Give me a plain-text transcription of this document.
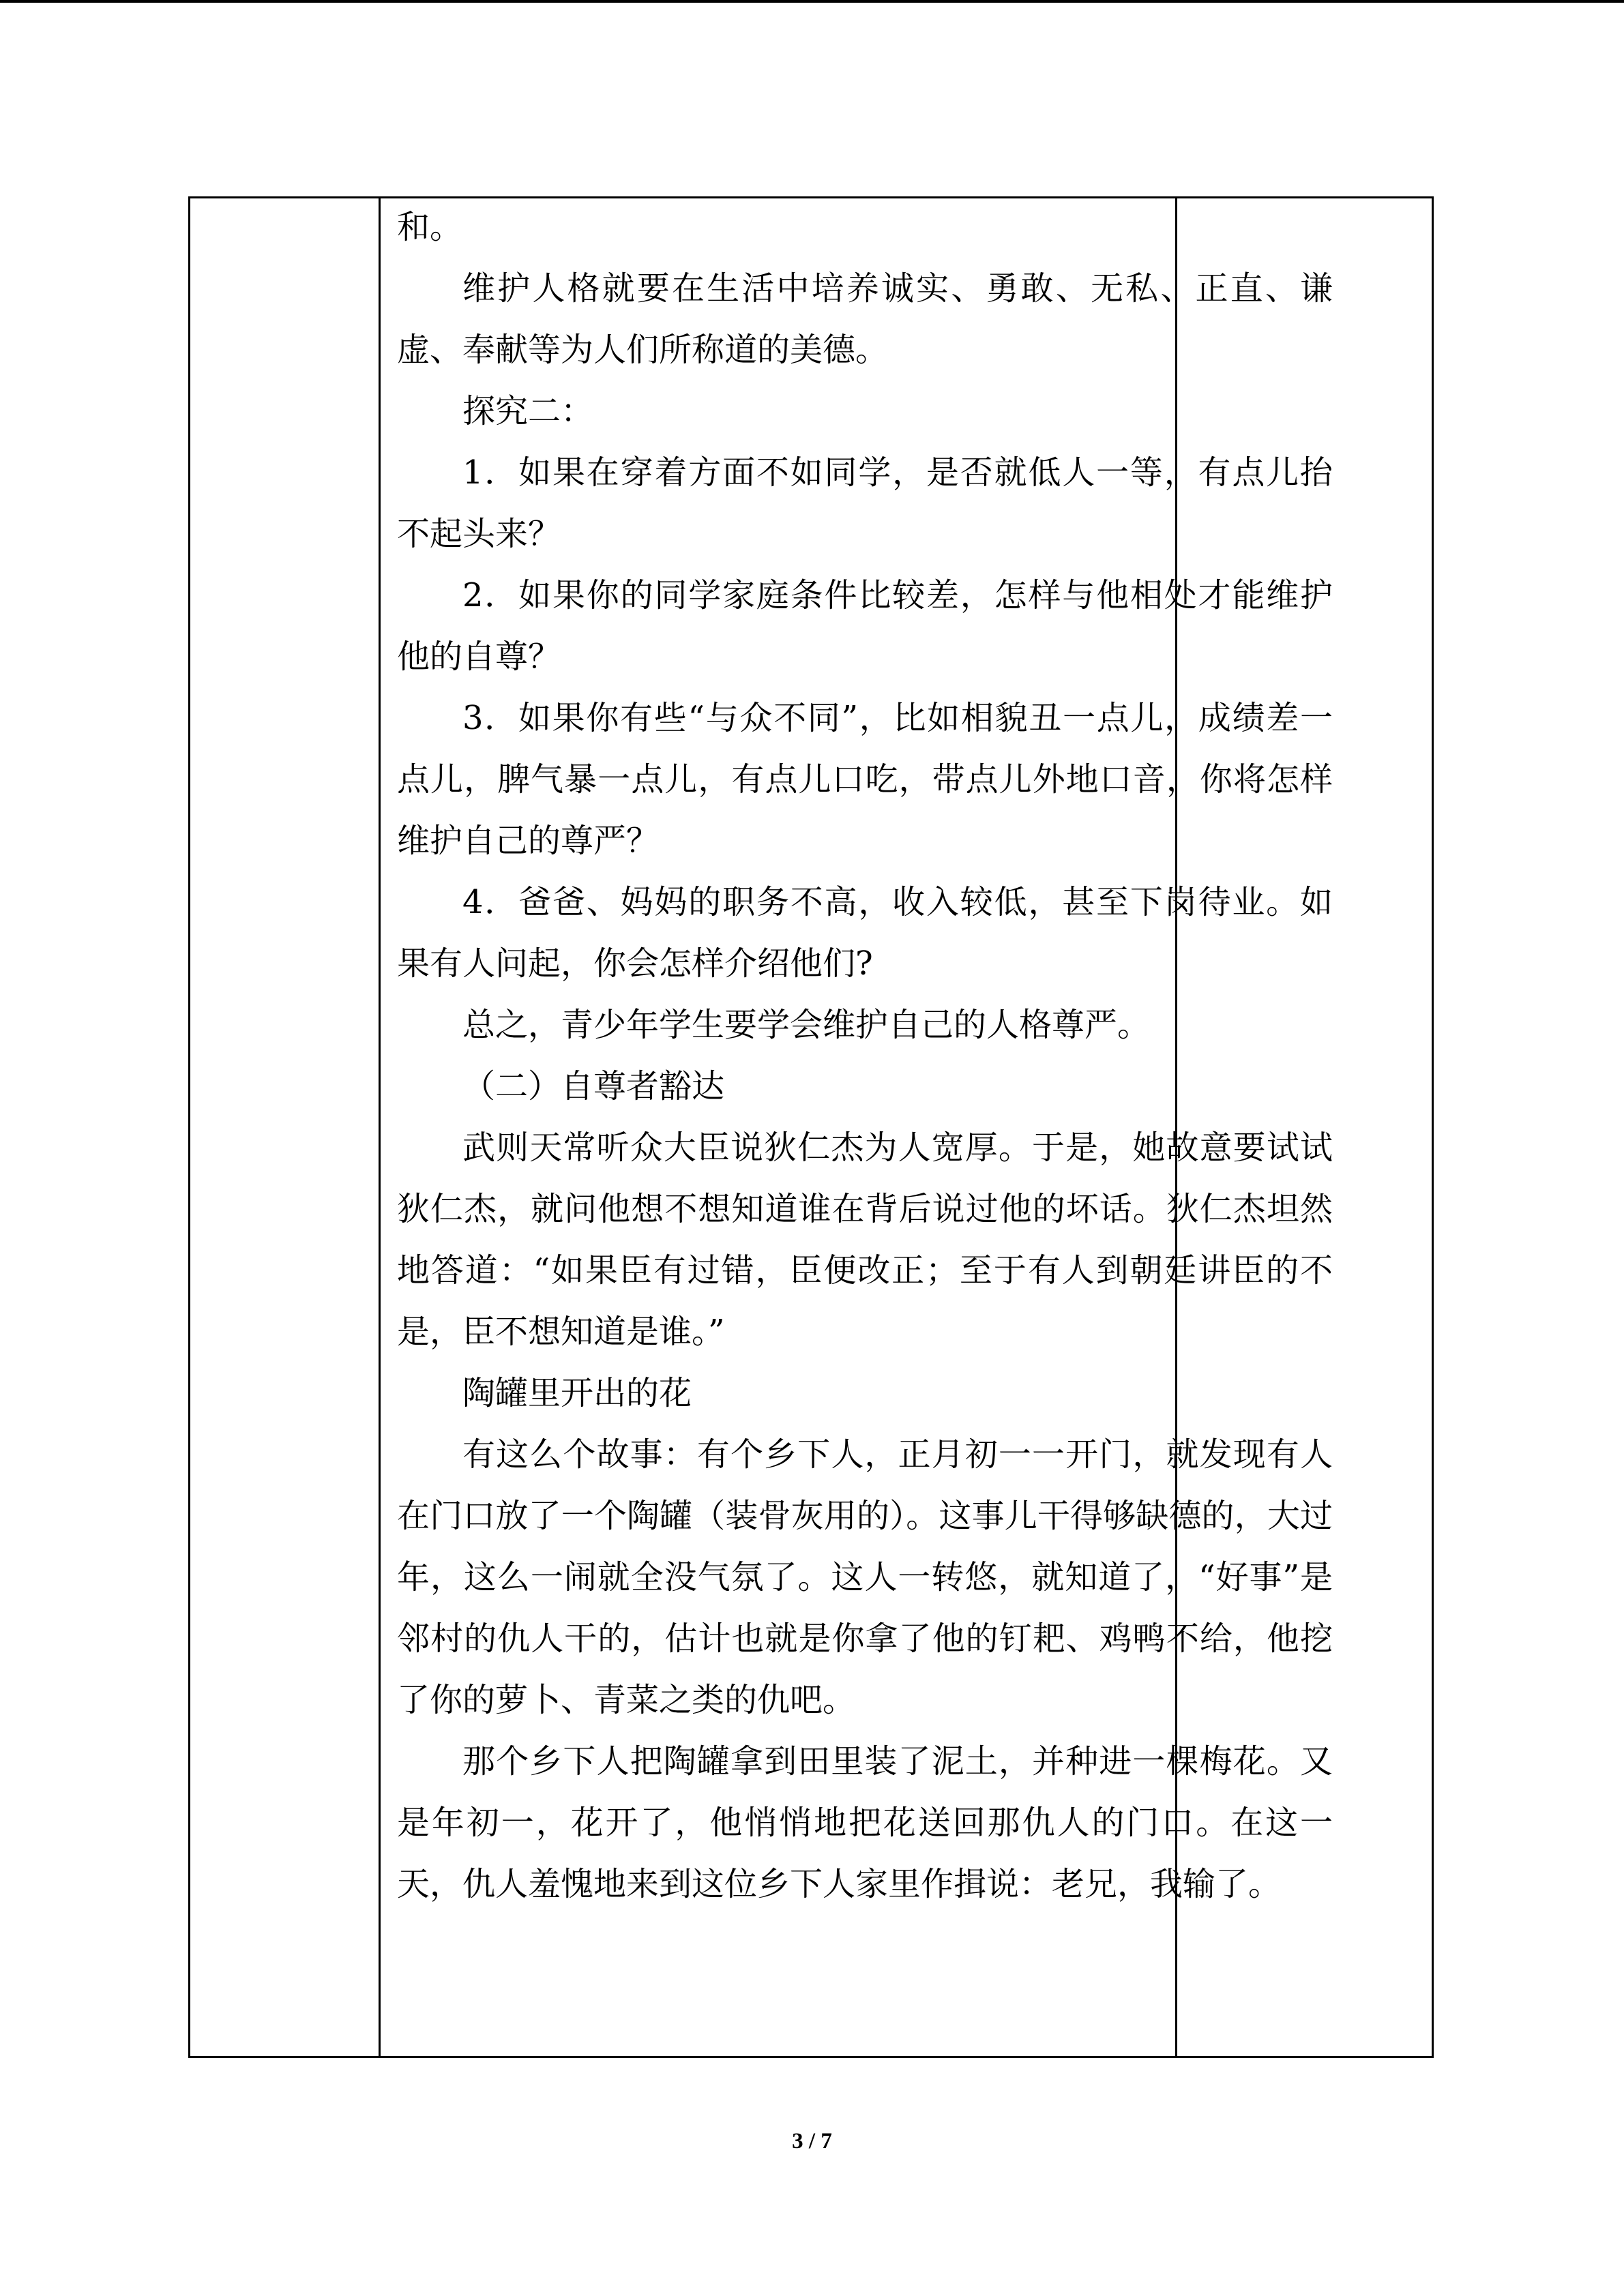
和。

维护人格就要在生活中培养诚实、勇敢、无私、正直、谦虚、奉献等为人们所称道的美德。

探究二：

1．如果在穿着方面不如同学，是否就低人一等，有点儿抬不起头来？

2．如果你的同学家庭条件比较差，怎样与他相处才能维护他的自尊？

3．如果你有些“与众不同”，比如相貌丑一点儿，成绩差一点儿，脾气暴一点儿，有点儿口吃，带点儿外地口音，你将怎样维护自己的尊严？

4．爸爸、妈妈的职务不高，收入较低，甚至下岗待业。如果有人问起，你会怎样介绍他们?

总之，青少年学生要学会维护自己的人格尊严。

（二）自尊者豁达

武则天常听众大臣说狄仁杰为人宽厚。于是，她故意要试试狄仁杰，就问他想不想知道谁在背后说过他的坏话。狄仁杰坦然地答道：“如果臣有过错，臣便改正；至于有人到朝廷讲臣的不是，臣不想知道是谁。”

陶罐里开出的花

有这么个故事：有个乡下人，正月初一一开门，就发现有人在门口放了一个陶罐（装骨灰用的）。这事儿干得够缺德的，大过年，这么一闹就全没气氛了。这人一转悠，就知道了，“好事”是邻村的仇人干的，估计也就是你拿了他的钉耙、鸡鸭不给，他挖了你的萝卜、青菜之类的仇吧。

那个乡下人把陶罐拿到田里装了泥土，并种进一棵梅花。又是年初一，花开了，他悄悄地把花送回那仇人的门口。在这一天，仇人羞愧地来到这位乡下人家里作揖说：老兄，我输了。

3 / 7
